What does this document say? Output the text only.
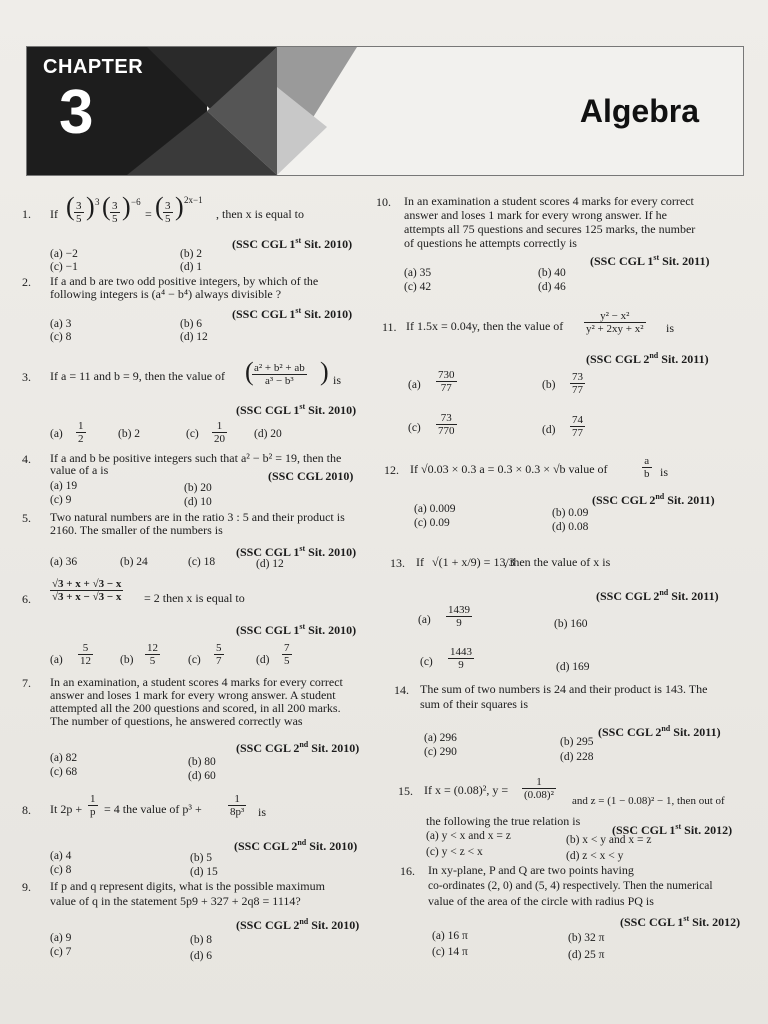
CHAPTER
3	Algebra
1. If ( $\frac{3}{5}$ ) 3 ( $\frac{3}{5}$ ) −6
= ( $\frac{3}{5}$ ) 2x−1
, then x is equal to
(SSC CGL 1st Sit. 2010)
(a) −2	(b) 2
(c) −1	(d) 1
2. If a and b are two odd positive integers, by which of the
following integers is (a⁴ − b⁴) always divisible ?
(SSC CGL 1st Sit. 2010)
(a) 3	(b) 6
(c) 8	(d) 12
3. If a = 11 and b = 9, then the value of (
$\frac{\text{a² + b² + ab}}{\text{a³ − b³}}$ ) is
(SSC CGL 1st Sit. 2010)
$(a) \frac{1}{2}$	(b) 2	$(c) \frac{1}{20} (d)$ 20
4. If a and b be positive integers such that a² − b² = 19, then the
value of a is	(SSC CGL 2010)
(a) 19	(b) 20
(c) 9	(d) 10
5. Two natural numbers are in the ratio 3 : 5 and their product is
2160. The smaller of the numbers is
(SSC CGL 1st Sit. 2010)
(a) 36	(b) 24	(c) 18	(d) 12
6. $\frac{√3 + x + √3 - x}{√3 + x - √3 - x} = 2$ then x is equal to
(SSC CGL 1st Sit. 2010)
$(a) \frac{5}{12} (b) \frac{12}{5} (c) \frac{5}{7}$	$(d) \frac{7}{5}$
7. In an examination, a student scores 4 marks for every correct
answer and loses 1 mark for every wrong answer. A student
attempted all the 200 questions and scored, in all 200 marks.
The number of questions, he answered correctly was
(SSC CGL 2nd Sit. 2010)
(a) 82	(b) 80
(c) 68	(d) 60
8. It $2p + \frac{1}{p} = 4$ the value of $p^3 + \frac{1}{\text{8p³}}$ is
(SSC CGL 2nd Sit. 2010)
(a) 4	(b) 5
(c) 8	(d) 15
9. If p and q represent digits, what is the possible maximum
value of q in the statement 5p9 + 327 + 2q8 = 1114?
(SSC CGL 2nd Sit. 2010)
(a) 9	(b) 8
(c) 7	(d) 6
10. In an examination a student scores 4 marks for every correct
answer and loses 1 mark for every wrong answer. If he
attempts all 75 questions and secures 125 marks, the number
of questions he attempts correctly is
(SSC CGL 1st Sit. 2011)
(a) 35	(b) 40
(c) 42	(d) 46
11. If 1.5x = 0.04y, then the value of $\frac{\text{y² − x²}}{\text{y² + 2xy + x²}}$ is
(SSC CGL 2nd Sit. 2011)
$(a) \frac{730}{77}$	$(b) \frac{73}{77}$
$(c) \frac{73}{770}$	$(d) \frac{74}{77}$
12. If √0.03 × 0.3 a = 0.3 × 0.3 × √b value of	$\frac{a}{b}$ is
(SSC CGL 2nd Sit. 2011)
(a) 0.009	(b) 0.09
(c) 0.09	(d) 0.08
13. If √(1 + x/9) = 13/3
, then the value of x is
(SSC CGL 2nd Sit. 2011)
$(a) \frac{1439}{9}$	(b) 160
$(c) \frac{1443}{9}$	(d) 169
14. The sum of two numbers is 24 and their product is 143. The
sum of their squares is
(SSC CGL 2nd Sit. 2011)
(a) 296	(b) 295
(c) 290	(d) 228
15. If x = (0.08)², $y = \frac{1}{\text{(0.08)²}}$ and z = (1 − 0.08)² − 1, then out of
the following the true relation is
(SSC CGL 1st Sit. 2012)
(a) y < x and x = z	(b) x < y and x = z
(c) y < z < x	(d) z < x < y
16. In xy-plane, P and Q are two points having
co-ordinates (2, 0) and (5, 4) respectively. Then the numerical
value of the area of the circle with radius PQ is
(SSC CGL 1st Sit. 2012)
(a) 16 π	(b) 32 π
(c) 14 π	(d) 25 π
